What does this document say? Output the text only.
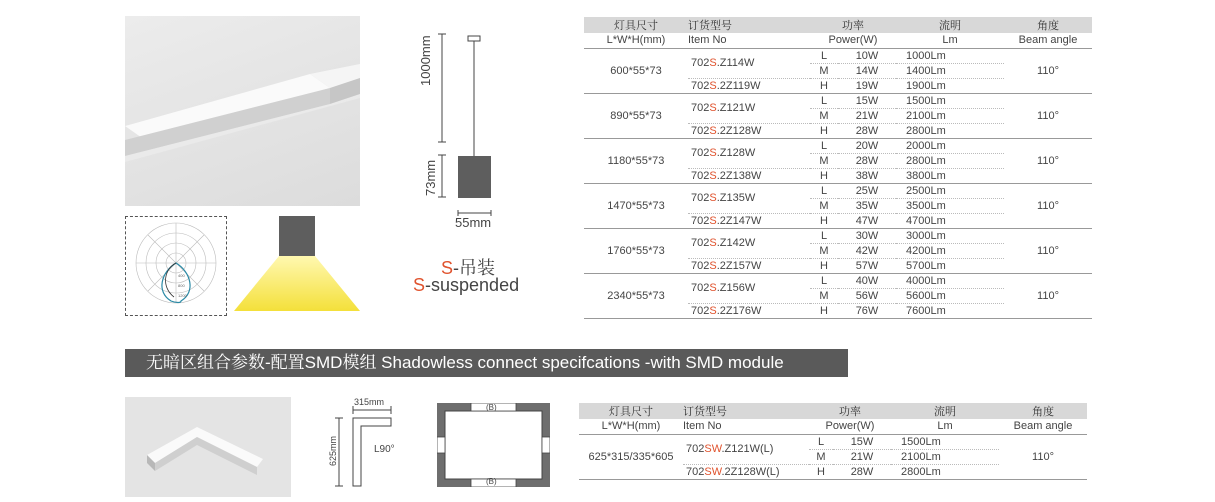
400
800
1200
1000mm
73mm
55mm
S-吊装
S-suspended
灯具尺寸	订货型号	功率		流明	角度
L*W*H(mm)	Item No	Power(W)		Lm	Beam angle
600*55*73	702S.Z114W	L	10W	1000Lm	110°
		M	14W	1400Lm	
	702S.2Z119W	H	19W	1900Lm	
890*55*73	702S.Z121W	L	15W	1500Lm	110°
		M	21W	2100Lm	
	702S.2Z128W	H	28W	2800Lm	
1180*55*73	702S.Z128W	L	20W	2000Lm	110°
		M	28W	2800Lm	
	702S.2Z138W	H	38W	3800Lm	
1470*55*73	702S.Z135W	L	25W	2500Lm	110°
		M	35W	3500Lm	
	702S.2Z147W	H	47W	4700Lm	
1760*55*73	702S.Z142W	L	30W	3000Lm	110°
		M	42W	4200Lm	
	702S.2Z157W	H	57W	5700Lm	
2340*55*73	702S.Z156W	L	40W	4000Lm	110°
		M	56W	5600Lm	
	702S.2Z176W	H	76W	7600Lm	
无暗区组合参数-配置SMD模组 Shadowless connect specifcations -with SMD module
315mm
625mm	L90°
(B)
(B)
灯具尺寸	订货型号	功率		流明	角度
L*W*H(mm)	Item No	Power(W)		Lm	Beam angle
625*315/335*605	702SW.Z121W(L)	L	15W	1500Lm	110°
		M	21W	2100Lm	
	702SW.2Z128W(L)	H	28W	2800Lm	
